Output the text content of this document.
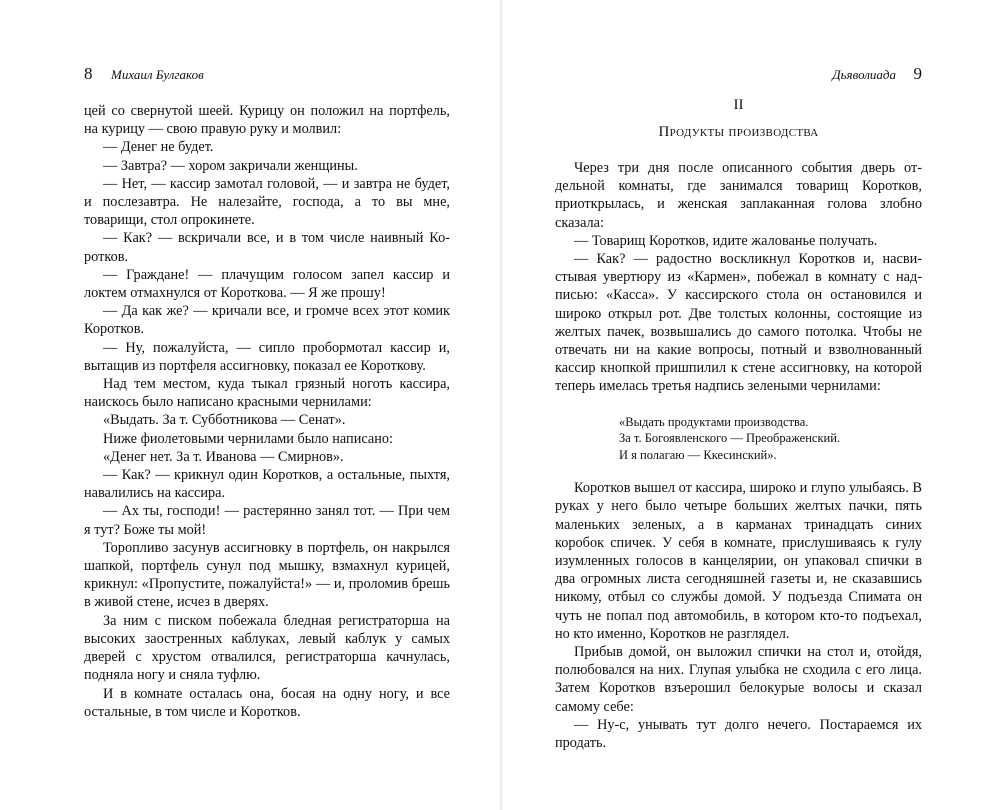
8 Михаил Булгаков

цей со свернутой шеей. Курицу он положил на портфель, на курицу — свою правую руку и молвил:

— Денег не будет.

— Завтра? — хором закричали женщины.

— Нет, — кассир замотал головой, — и завтра не будет, и послезавтра. Не налезайте, господа, а то вы мне, товарищи, стол опрокинете.

— Как? — вскричали все, и в том числе наивный Коротков.

— Граждане! — плачущим голосом запел кассир и локтем отмахнулся от Короткова. — Я же прошу!

— Да как же? — кричали все, и громче всех этот комик Коротков.

— Ну, пожалуйста, — сипло пробормотал кассир и, вытащив из портфеля ассигновку, показал ее Короткову.

Над тем местом, куда тыкал грязный ноготь кассира, наискось было написано красными чернилами:

«Выдать. За т. Субботникова — Сенат».

Ниже фиолетовыми чернилами было написано:

«Денег нет. За т. Иванова — Смирнов».

— Как? — крикнул один Коротков, а остальные, пыхтя, навалились на кассира.

— Ах ты, господи! — растерянно занял тот. — При чем я тут? Боже ты мой!

Торопливо засунув ассигновку в портфель, он накрылся шапкой, портфель сунул под мышку, взмахнул курицей, крикнул: «Пропустите, пожалуйста!» — и, проломив брешь в живой стене, исчез в дверях.

За ним с писком побежала бледная регистраторша на высоких заостренных каблуках, левый каблук у самых дверей с хрустом отвалился, регистраторша качнулась, подняла ногу и сняла туфлю.

И в комнате осталась она, босая на одну ногу, и все остальные, в том числе и Коротков.

Дьяволиада 9
II
Продукты производства

Через три дня после описанного события дверь отдельной комнаты, где занимался товарищ Коротков, приоткрылась, и женская заплаканная голова злобно сказала:

— Товарищ Коротков, идите жалованье получать.

— Как? — радостно воскликнул Коротков и, насвистывая увертюру из «Кармен», побежал в комнату с надписью: «Касса». У кассирского стола он остановился и широко открыл рот. Две толстых колонны, состоящие из желтых пачек, возвышались до самого потолка. Чтобы не отвечать ни на какие вопросы, потный и взволнованный кассир кнопкой пришпилил к стене ассигновку, на которой теперь имелась третья надпись зелеными чернилами:

«Выдать продуктами производства.
За т. Богоявленского — Преображенский.
И я полагаю — Ккесинский».

Коротков вышел от кассира, широко и глупо улыбаясь. В руках у него было четыре больших желтых пачки, пять маленьких зеленых, а в карманах тринадцать синих коробок спичек. У себя в комнате, прислушиваясь к гулу изумленных голосов в канцелярии, он упаковал спички в два огромных листа сегодняшней газеты и, не сказавшись никому, отбыл со службы домой. У подъезда Спимата он чуть не попал под автомобиль, в котором кто-то подъехал, но кто именно, Коротков не разглядел.

Прибыв домой, он выложил спички на стол и, отойдя, полюбовался на них. Глупая улыбка не сходила с его лица. Затем Коротков взъерошил белокурые волосы и сказал самому себе:

— Ну-с, унывать тут долго нечего. Постараемся их продать.
